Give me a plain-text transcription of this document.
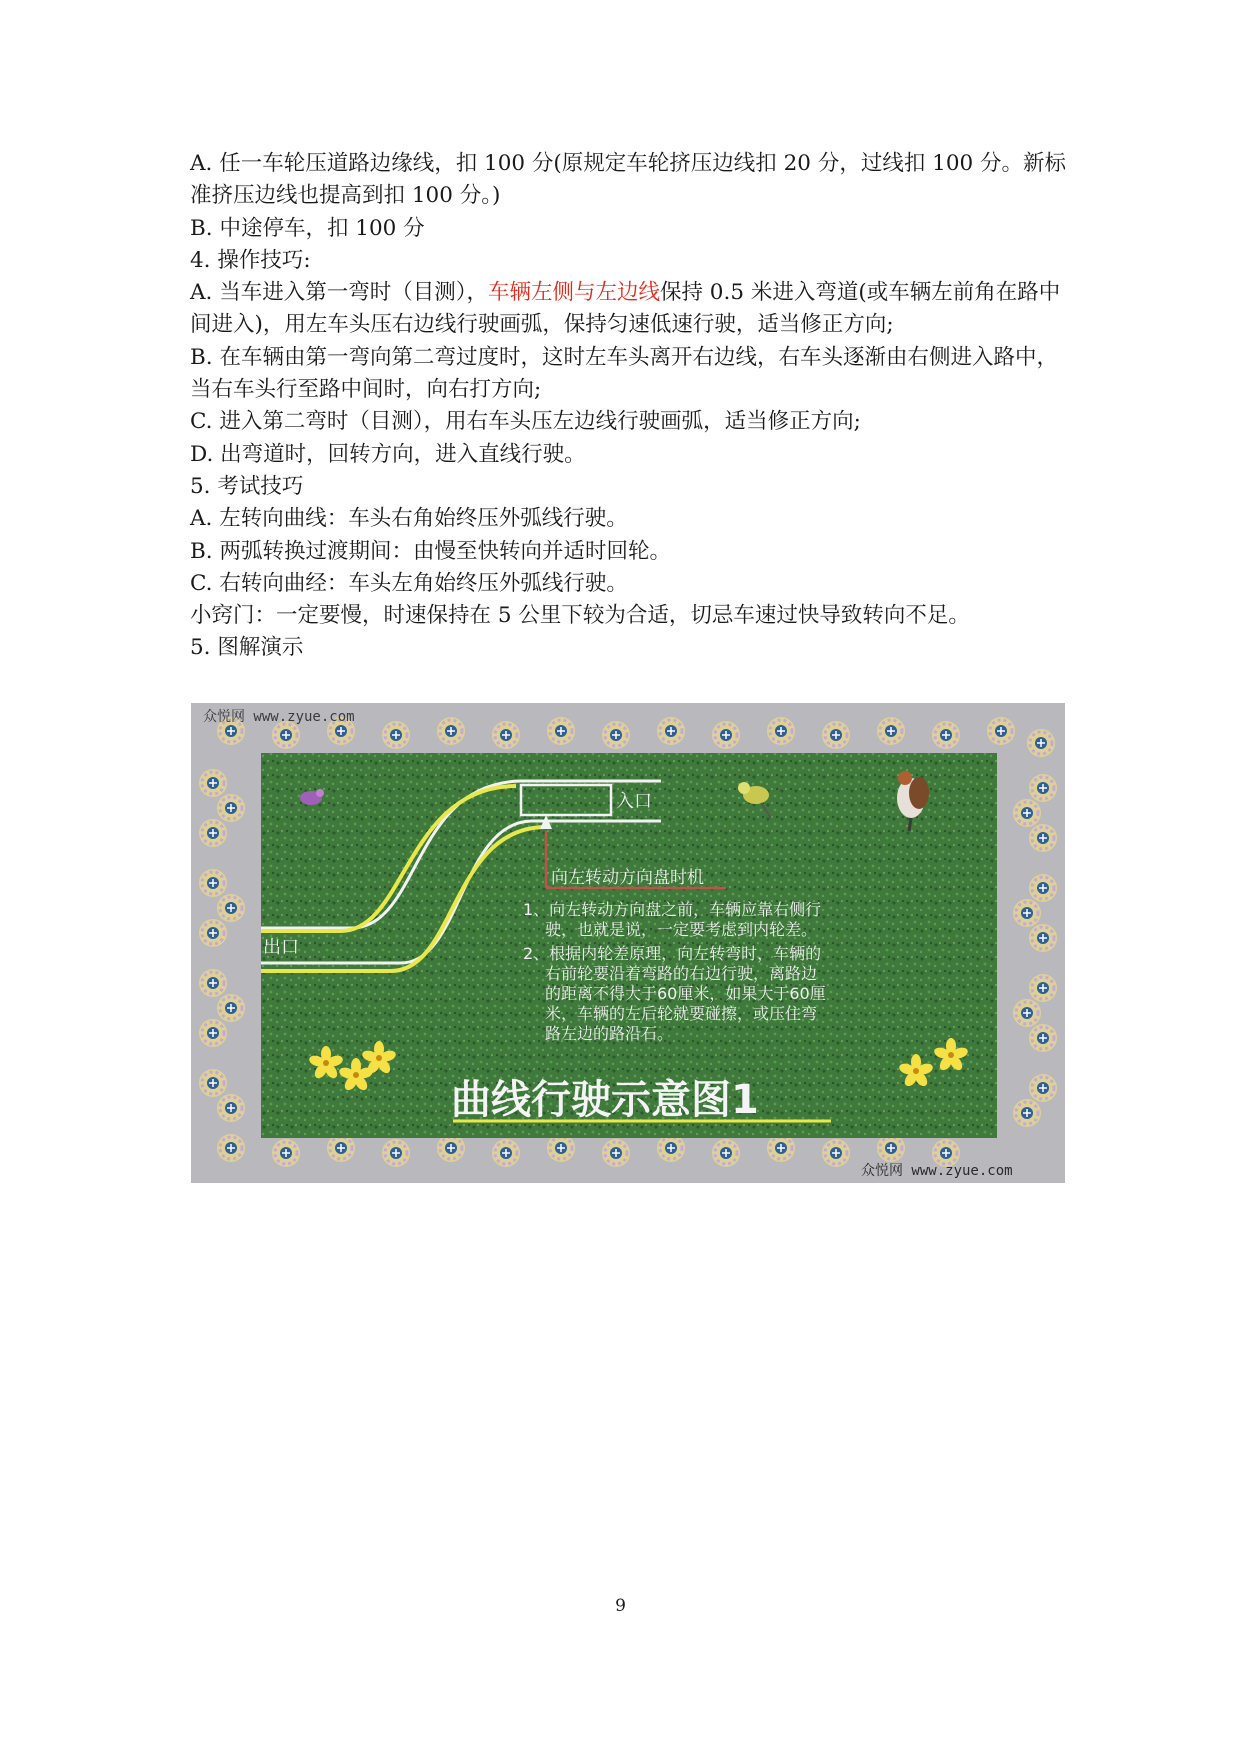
A. 任一车轮压道路边缘线，扣 100 分(原规定车轮挤压边线扣 20 分，过线扣 100 分。新标准挤压边线也提高到扣 100 分。)
B. 中途停车，扣 100 分
4. 操作技巧:
A. 当车进入第一弯时（目测），车辆左侧与左边线保持 0.5 米进入弯道(或车辆左前角在路中间进入)，用左车头压右边线行驶画弧，保持匀速低速行驶，适当修正方向;
B. 在车辆由第一弯向第二弯过度时，这时左车头离开右边线，右车头逐渐由右侧进入路中，当右车头行至路中间时，向右打方向;
C. 进入第二弯时（目测），用右车头压左边线行驶画弧，适当修正方向;
D. 出弯道时，回转方向，进入直线行驶。
5. 考试技巧
A. 左转向曲线：车头右角始终压外弧线行驶。
B. 两弧转换过渡期间：由慢至快转向并适时回轮。
C. 右转向曲经：车头左角始终压外弧线行驶。
小窍门：一定要慢，时速保持在 5 公里下较为合适，切忌车速过快导致转向不足。
5. 图解演示
入口
出口
向左转动方向盘时机
1、向左转动方向盘之前，车辆应靠右侧行
驶，也就是说，一定要考虑到内轮差。
2、根据内轮差原理，向左转弯时，车辆的
右前轮要沿着弯路的右边行驶，离路边
的距离不得大于60厘米，如果大于60厘
米，车辆的左后轮就要碰擦，或压住弯
路左边的路沿石。
曲线行驶示意图1
众悦网 www.zyue.com
众悦网 www.zyue.com
9
